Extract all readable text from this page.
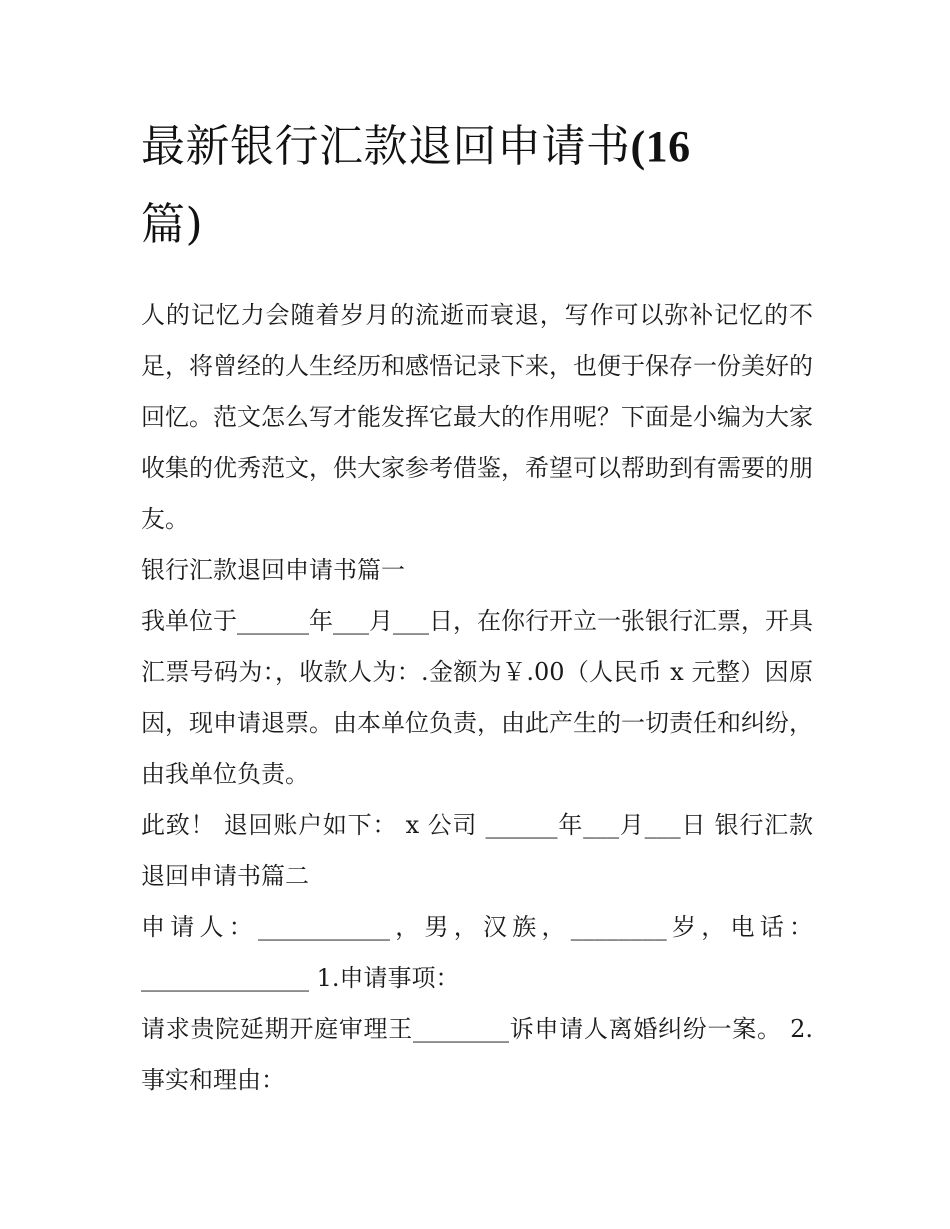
最新银行汇款退回申请书(16
篇)

人的记忆力会随着岁月的流逝而衰退，写作可以弥补记忆的不足，将曾经的人生经历和感悟记录下来，也便于保存一份美好的回忆。范文怎么写才能发挥它最大的作用呢？下面是小编为大家收集的优秀范文，供大家参考借鉴，希望可以帮助到有需要的朋友。

银行汇款退回申请书篇一

我单位于______年___月___日，在你行开立一张银行汇票，开具汇票号码为：，收款人为：.金额为￥.00（人民币 x 元整）因原因，现申请退票。由本单位负责，由此产生的一切责任和纠纷，由我单位负责。

此致！ 退回账户如下： x 公司 ______年___月___日 银行汇款退回申请书篇二

申请人：___________，男，汉族，________岁，电话：______________ 1.申请事项：

请求贵院延期开庭审理王________诉申请人离婚纠纷一案。 2.事实和理由：
